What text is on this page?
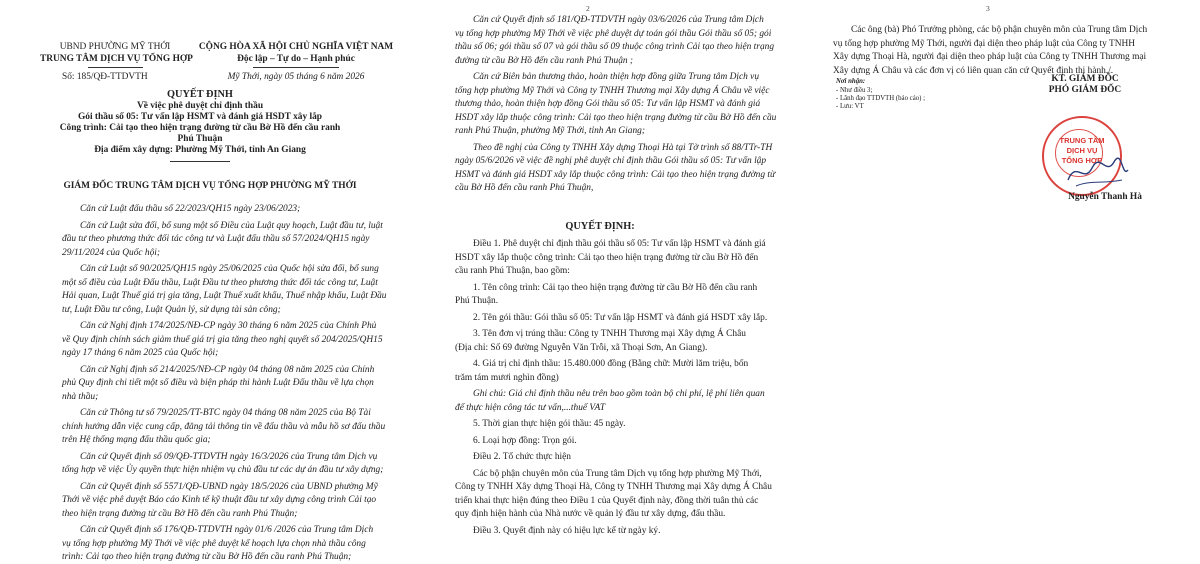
UBND PHƯỜNG MỸ THỚI
TRUNG TÂM DỊCH VỤ TỔNG HỢP
Số: 185/QĐ-TTDVTH
CỘNG HÒA XÃ HỘI CHỦ NGHĨA VIỆT NAM
Độc lập – Tự do – Hạnh phúc
Mỹ Thới, ngày 05 tháng 6 năm 2026
QUYẾT ĐỊNH
Về việc phê duyệt chỉ định thầu
Gói thầu số 05: Tư vấn lập HSMT và đánh giá HSDT xây lắp
Công trình: Cải tạo theo hiện trạng đường từ cầu Bờ Hồ đến cầu ranh
Phú Thuận
Địa điểm xây dựng: Phường Mỹ Thới, tỉnh An Giang
GIÁM ĐỐC TRUNG TÂM DỊCH VỤ TỔNG HỢP PHƯỜNG MỸ THỚI
Căn cứ Luật đấu thầu số 22/2023/QH15 ngày 23/06/2023;
Căn cứ Luật sửa đổi, bổ sung một số Điều của Luật quy hoạch, Luật đầu tư, luật
đầu tư theo phương thức đối tác công tư và Luật đấu thầu số 57/2024/QH15 ngày
29/11/2024 của Quốc hội;
Căn cứ Luật số 90/2025/QH15 ngày 25/06/2025 của Quốc hội sửa đổi, bổ sung
một số điều của Luật Đấu thầu, Luật Đầu tư theo phương thức đối tác công tư, Luật
Hải quan, Luật Thuế giá trị gia tăng, Luật Thuế xuất khẩu, Thuế nhập khẩu, Luật Đầu
tư, Luật Đầu tư công, Luật Quản lý, sử dụng tài sản công;
Căn cứ Nghị định 174/2025/NĐ-CP ngày 30 tháng 6 năm 2025 của Chính Phủ
về Quy định chính sách giảm thuế giá trị gia tăng theo nghị quyết số 204/2025/QH15
ngày 17 tháng 6 năm 2025 của Quốc hội;
Căn cứ Nghị định số 214/2025/NĐ-CP ngày 04 tháng 08 năm 2025 của Chính
phủ Quy định chi tiết một số điều và biện pháp thi hành Luật Đấu thầu về lựa chọn
nhà thầu;
Căn cứ Thông tư số 79/2025/TT-BTC ngày 04 tháng 08 năm 2025 của Bộ Tài
chính hướng dẫn việc cung cấp, đăng tải thông tin về đấu thầu và mẫu hồ sơ đấu thầu
trên Hệ thống mạng đấu thầu quốc gia;
Căn cứ Quyết định số 09/QĐ-TTDVTH ngày 16/3/2026 của Trung tâm Dịch vụ
tổng hợp về việc Ủy quyền thực hiện nhiệm vụ chủ đầu tư các dự án đầu tư xây dựng;
Căn cứ Quyết định số 5571/QĐ-UBND ngày 18/5/2026 của UBND phường Mỹ
Thới về việc phê duyệt Báo cáo Kinh tế kỹ thuật đầu tư xây dựng công trình Cải tạo
theo hiện trạng đường từ cầu Bờ Hồ đến cầu ranh Phú Thuận;
Căn cứ Quyết định số 176/QĐ-TTDVTH ngày 01/6 /2026 của Trung tâm Dịch
vụ tổng hợp phường Mỹ Thới về việc phê duyệt kế hoạch lựa chọn nhà thầu công
trình: Cải tạo theo hiện trạng đường từ cầu Bờ Hồ đến cầu ranh Phú Thuận;
2
Căn cứ Quyết định số 181/QĐ-TTDVTH ngày 03/6/2026 của Trung tâm Dịch
vụ tổng hợp phường Mỹ Thới về việc phê duyệt dự toán gói thầu Gói thầu số 05; gói
thầu số 06; gói thầu số 07 và gói thầu số 09 thuộc công trình Cải tạo theo hiện trạng
đường từ cầu Bờ Hồ đến cầu ranh Phú Thuận ;
Căn cứ Biên bản thương thảo, hoàn thiện hợp đồng giữa Trung tâm Dịch vụ
tổng hợp phường Mỹ Thới và Công ty TNHH Thương mại Xây dựng Á Châu về việc
thương thảo, hoàn thiện hợp đồng Gói thầu số 05: Tư vấn lập HSMT và đánh giá
HSDT xây lắp thuộc công trình: Cải tạo theo hiện trạng đường từ cầu Bờ Hồ đến cầu
ranh Phú Thuận, phường Mỹ Thới, tỉnh An Giang;
Theo đề nghị của Công ty TNHH Xây dựng Thoại Hà tại Tờ trình số 88/TTr-TH
ngày 05/6/2026 về việc đề nghị phê duyệt chỉ định thầu Gói thầu số 05: Tư vấn lập
HSMT và đánh giá HSDT xây lắp thuộc công trình: Cải tạo theo hiện trạng đường từ
cầu Bờ Hồ đến cầu ranh Phú Thuận,
QUYẾT ĐỊNH:
Điều 1. Phê duyệt chỉ định thầu gói thầu số 05: Tư vấn lập HSMT và đánh giá
HSDT xây lắp thuộc công trình: Cải tạo theo hiện trạng đường từ cầu Bờ Hồ đến
cầu ranh Phú Thuận, bao gồm:
1. Tên công trình: Cải tạo theo hiện trạng đường từ cầu Bờ Hồ đến cầu ranh
Phú Thuận.
2. Tên gói thầu: Gói thầu số 05: Tư vấn lập HSMT và đánh giá HSDT xây lắp.
3. Tên đơn vị trúng thầu: Công ty TNHH Thương mại Xây dựng Á Châu
(Địa chỉ: Số 69 đường Nguyễn Văn Trỗi, xã Thoại Sơn, An Giang).
4. Giá trị chỉ định thầu: 15.480.000 đồng (Bằng chữ: Mười lăm triệu, bốn
trăm tám mươi nghìn đồng)
Ghi chú: Giá chỉ định thầu nêu trên bao gồm toàn bộ chi phí, lệ phí liên quan
để thực hiện công tác tư vấn,...thuế VAT
5. Thời gian thực hiện gói thầu: 45 ngày.
6. Loại hợp đồng: Trọn gói.
Điều 2. Tổ chức thực hiện
Các bộ phận chuyên môn của Trung tâm Dịch vụ tổng hợp phường Mỹ Thới,
Công ty TNHH Xây dựng Thoại Hà, Công ty TNHH Thương mại Xây dựng Á Châu
triển khai thực hiện đúng theo Điều 1 của Quyết định này, đồng thời tuân thủ các
quy định hiện hành của Nhà nước về quản lý đầu tư xây dựng, đấu thầu.
Điều 3. Quyết định này có hiệu lực kể từ ngày ký.
3
Các ông (bà) Phó Trưởng phòng, các bộ phận chuyên môn của Trung tâm Dịch
vụ tổng hợp phường Mỹ Thới, người đại diện theo pháp luật của Công ty TNHH
Xây dựng Thoại Hà, người đại diện theo pháp luật của Công ty TNHH Thương mại
Xây dựng Á Châu và các đơn vị có liên quan căn cứ Quyết định thi hành./.
Nơi nhận:
- Như điều 3;
- Lãnh đạo TTDVTH (báo cáo) ;
- Lưu: VT
KT. GIÁM ĐỐC
PHÓ GIÁM ĐỐC
TRUNG TÂM
DỊCH VỤ
TỔNG HỢP
Nguyễn Thanh Hà
